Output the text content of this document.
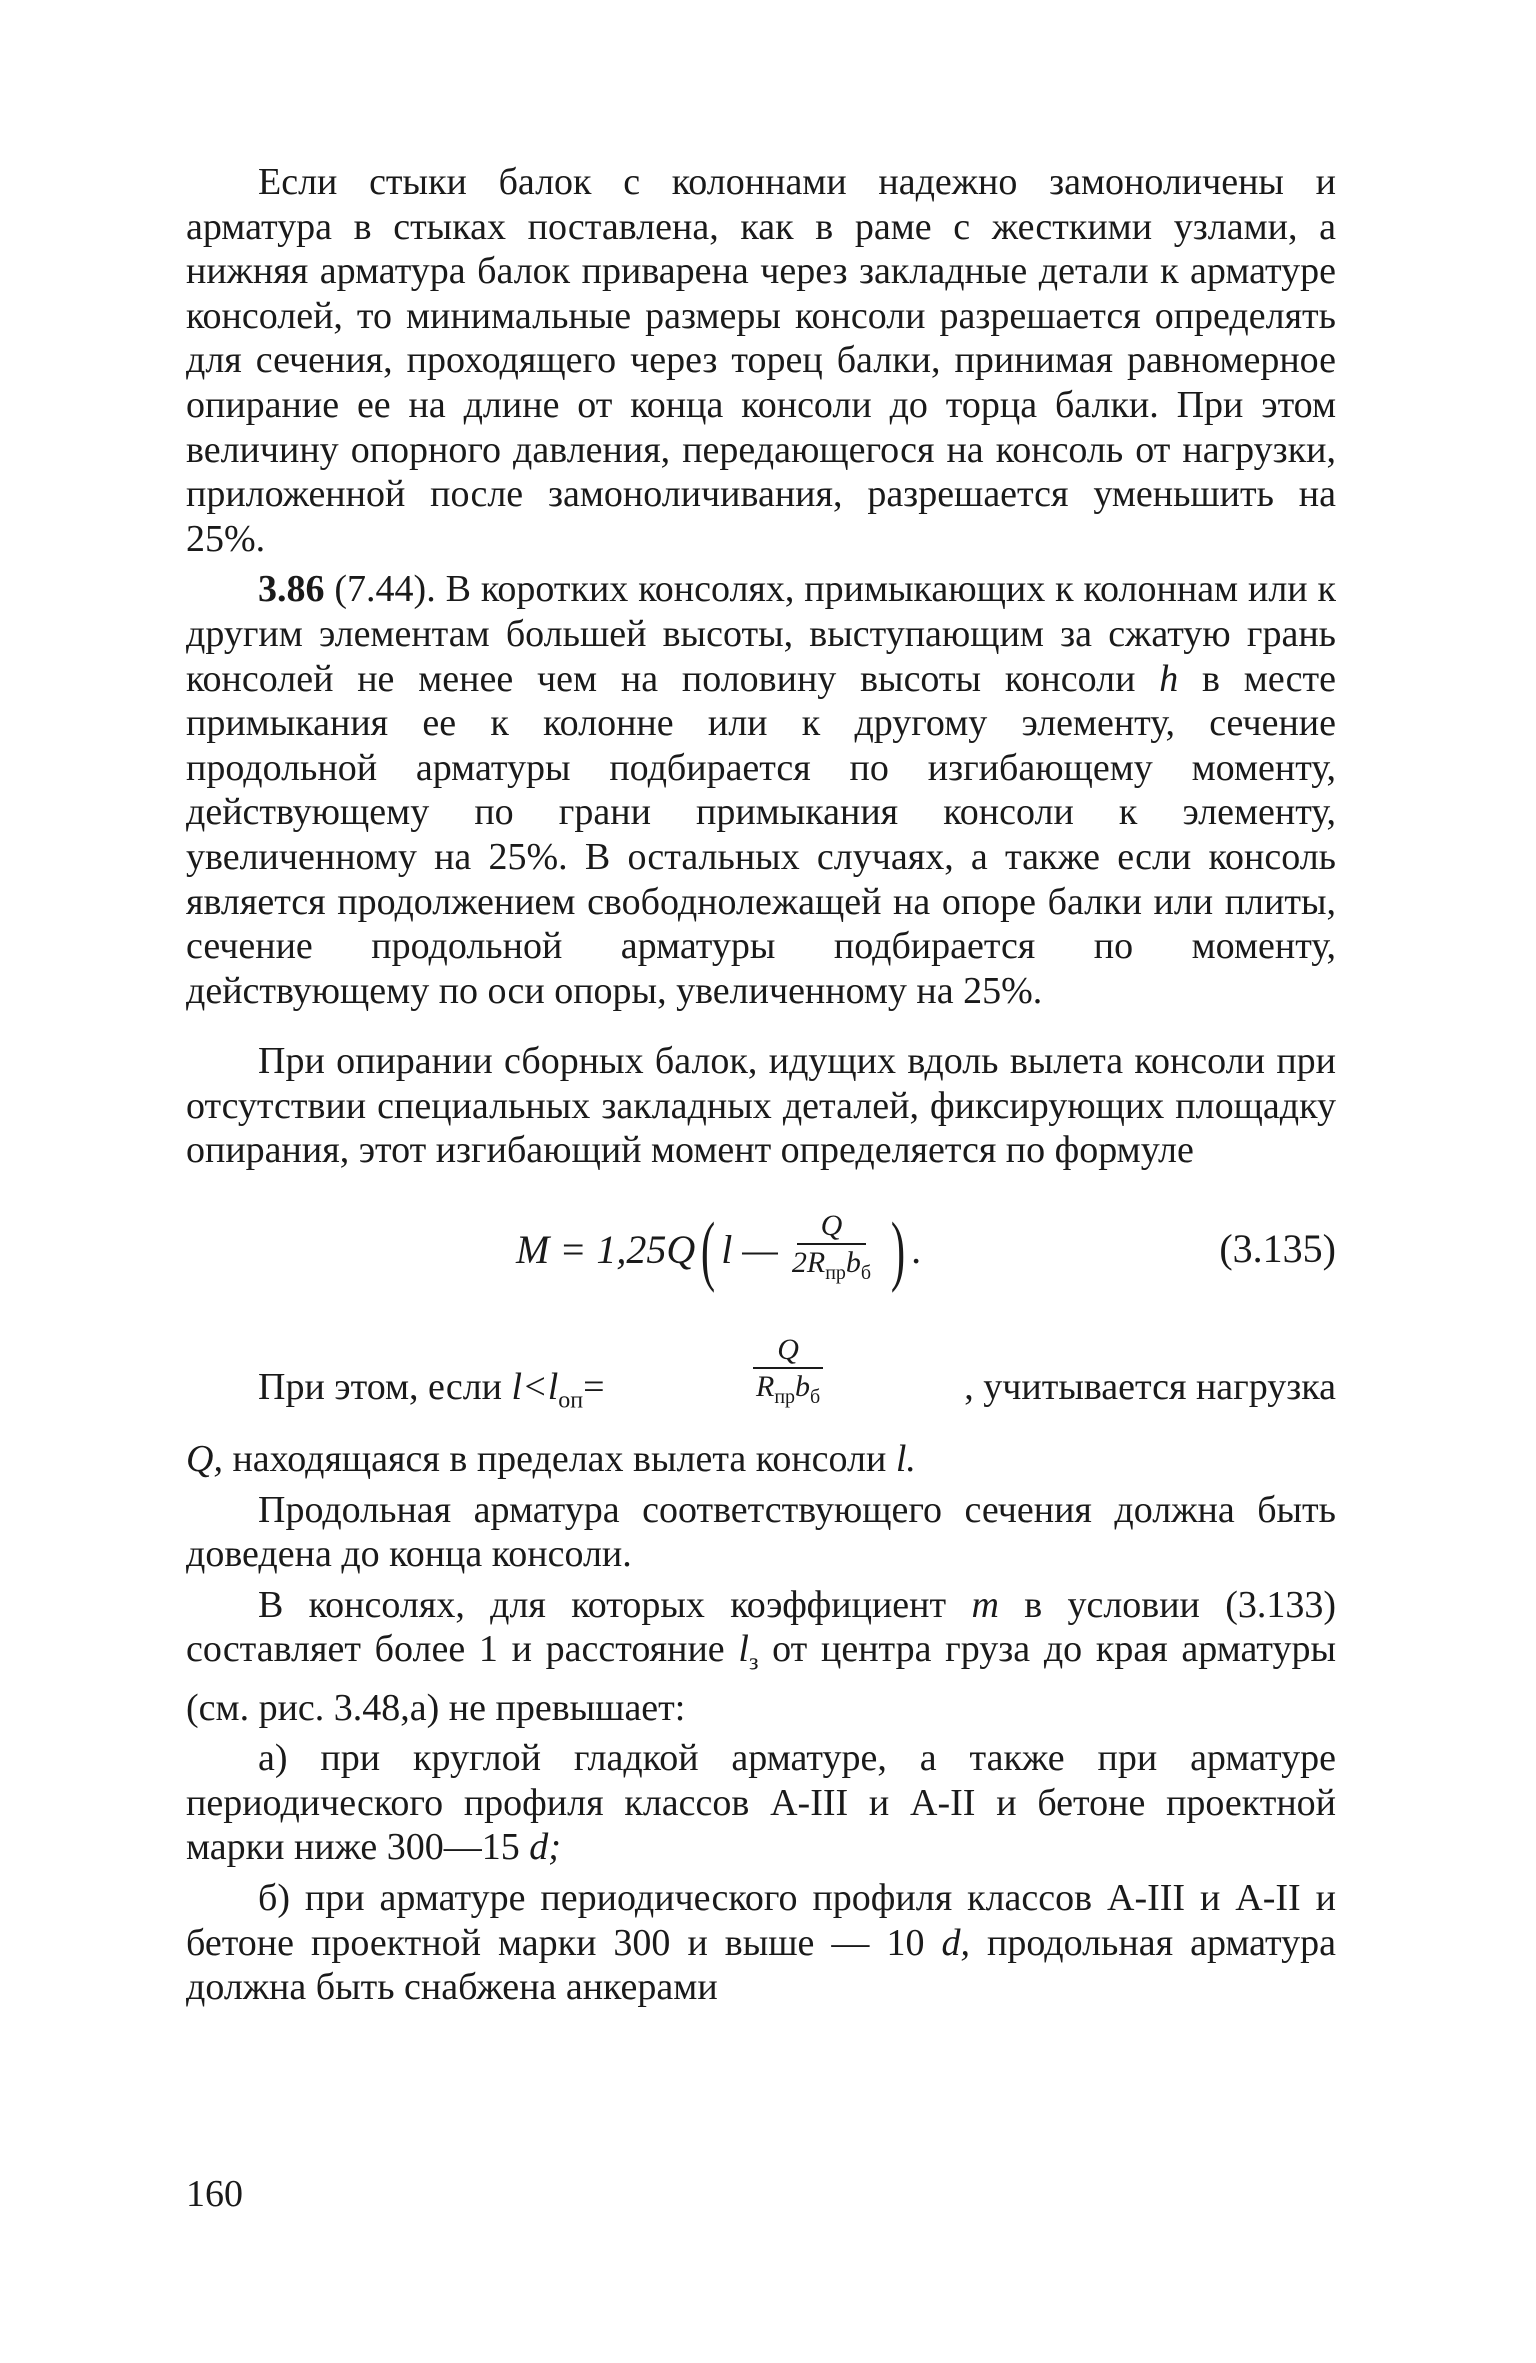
Если стыки балок с колоннами надежно замоноличены и арматура в стыках поставлена, как в раме с жесткими узлами, а нижняя арматура балок приварена через закладные детали к арматуре консолей, то минимальные размеры консоли разрешается определять для сечения, проходящего через торец балки, принимая равномерное опирание ее на длине от конца консоли до торца балки. При этом величину опорного давления, передающегося на консоль от нагрузки, приложенной после замоноличивания, разрешается уменьшить на 25%.

3.86 (7.44). В коротких консолях, примыкающих к колоннам или к другим элементам большей высоты, выступающим за сжатую грань консолей не менее чем на половину высоты консоли h в месте примыкания ее к колонне или к другому элементу, сечение продольной арматуры подбирается по изгибающему моменту, действующему по грани примыкания консоли к элементу, увеличенному на 25%. В остальных случаях, а также если консоль является продолжением свободнолежащей на опоре балки или плиты, сечение продольной арматуры подбирается по моменту, действующему по оси опоры, увеличенному на 25%.

При опирании сборных балок, идущих вдоль вылета консоли при отсутствии специальных закладных деталей, фиксирующих площадку опирания, этот изгибающий момент определяется по формуле

M = 1,25Q ( l — $\frac{Q}{2R_{пр}b_б}$ ) .	(3.135)
При этом, если $l<l_{оп}=$
Q
$R_{пр}b_б$	, учитывается нагрузка

Q, находящаяся в пределах вылета консоли l.

Продольная арматура соответствующего сечения должна быть доведена до конца консоли.

В консолях, для которых коэффициент m в условии (3.133) составляет более 1 и расстояние $l_з$ от центра груза до края арматуры (см. рис. 3.48,а) не превышает:

а) при круглой гладкой арматуре, а также при арматуре периодического профиля классов А-III и А-II и бетоне проектной марки ниже 300—15 d;

б) при арматуре периодического профиля классов А-III и А-II и бетоне проектной марки 300 и выше — 10 d, продольная арматура должна быть снабжена анкерами

160
